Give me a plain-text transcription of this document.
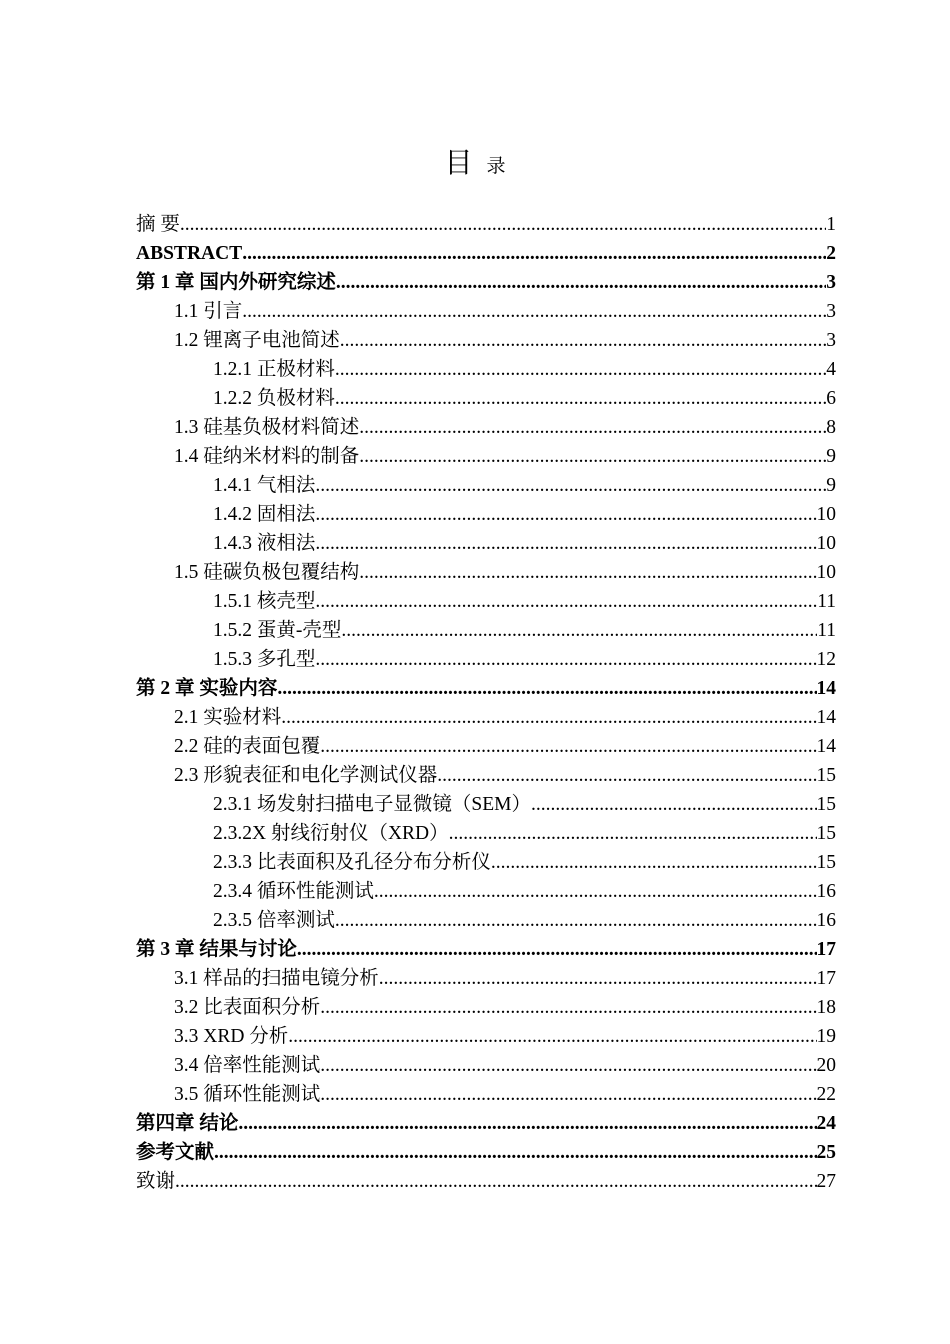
目 录
摘 要 .....	1
ABSTRACT .....	2
第 1 章 国内外研究综述 .....	3
1.1 引言 .....	3
1.2 锂离子电池简述 .....	3
1.2.1 正极材料 .....	4
1.2.2 负极材料 .....	6
1.3 硅基负极材料简述 .....	8
1.4 硅纳米材料的制备 .....	9
1.4.1 气相法 .....	9
1.4.2 固相法 .....	10
1.4.3 液相法 .....	10
1.5 硅碳负极包覆结构 .....	10
1.5.1 核壳型 .....	11
1.5.2 蛋黄-壳型 .....	11
1.5.3 多孔型 .....	12
第 2 章 实验内容 .....	14
2.1 实验材料 .....	14
2.2 硅的表面包覆 .....	14
2.3 形貌表征和电化学测试仪器 .....	15
2.3.1 场发射扫描电子显微镜（SEM） .....	15
2.3.2X 射线衍射仪（XRD） .....	15
2.3.3 比表面积及孔径分布分析仪 .....	15
2.3.4 循环性能测试 .....	16
2.3.5 倍率测试 .....	16
第 3 章 结果与讨论 .....	17
3.1 样品的扫描电镜分析 .....	17
3.2 比表面积分析 .....	18
3.3 XRD 分析 .....	19
3.4 倍率性能测试 .....	20
3.5 循环性能测试 .....	22
第四章 结论 .....	24
参考文献 .....	25
致谢 .....	27
